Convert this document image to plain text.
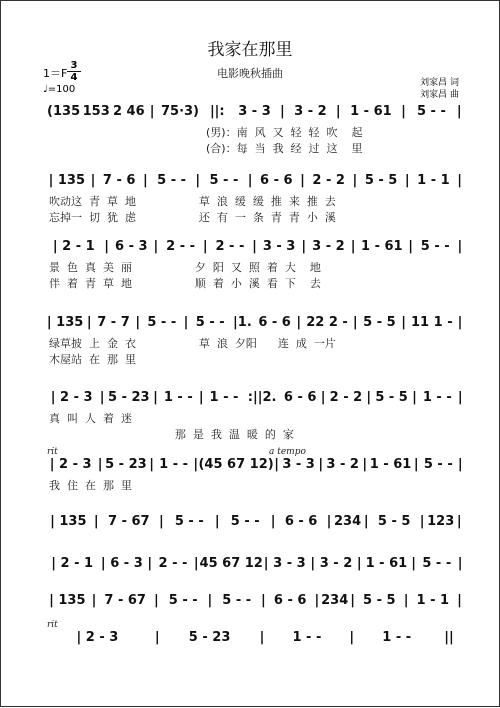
我家在那里
电影晚秋插曲
1＝F
3
4
♩=100
刘家昌 词
刘家昌 曲
(135 153 2 46 | 75·3) ||: 3 - 3 | 3 - 2 | 1 - 61 | 5 - - |
(男)：南  风  又  轻  轻  吹    起
(合)：每  当  我  经  过  这    里
| 135 | 7 - 6 | 5 - - | 5 - - | 6 - 6 | 2 - 2 | 5 - 5 | 1 - 1 |
吹动这  青  草  地                  草  浪  缓  缓  推  来  推  去
忘掉一  切  犹  虑                  还  有  一  条  青  青  小  溪
| 2 - 1 | 6 - 3 | 2 - - | 2 - - | 3 - 3 | 3 - 2 | 1 - 61 | 5 - - |
景  色  真  美  丽                  夕  阳  又  照  着  大    地
伴  着  青  草  地                  顺  着  小  溪  看  下    去
| 135 | 7 - 7 | 5 - - | 5 - - |1. 6 - 6 | 22 2 - | 5 - 5 | 11 1 - |
绿草披  上  金  衣                  草  浪  夕阳      连  成  一片
木屋站  在  那  里
| 2 - 3 | 5 - 23 | 1 - - | 1 - - :||2. 6 - 6 | 2 - 2 | 5 - 5 | 1 - - |
真  叫  人  着  迷
那  是  我  温  暖  的  家
| 2 - 3 | 5 - 23 | 1 - - | (45 67 12) | 3 - 3 | 3 - 2 | 1 - 61 | 5 - - |
rit	a tempo
我  住  在  那  里
| 135 | 7 - 67 | 5 - - | 5 - - | 6 - 6 | 234 | 5 - 5 | 123 |
| 2 - 1 | 6 - 3 | 2 - - | 45 67 12 | 3 - 3 | 3 - 2 | 1 - 61 | 5 - - |
| 135 | 7 - 67 | 5 - - | 5 - - | 6 - 6 | 234 | 5 - 5 | 1 - 1 |
| 2 - 3	| 5 - 23 | 1 - - | 1 - -	||
rit
